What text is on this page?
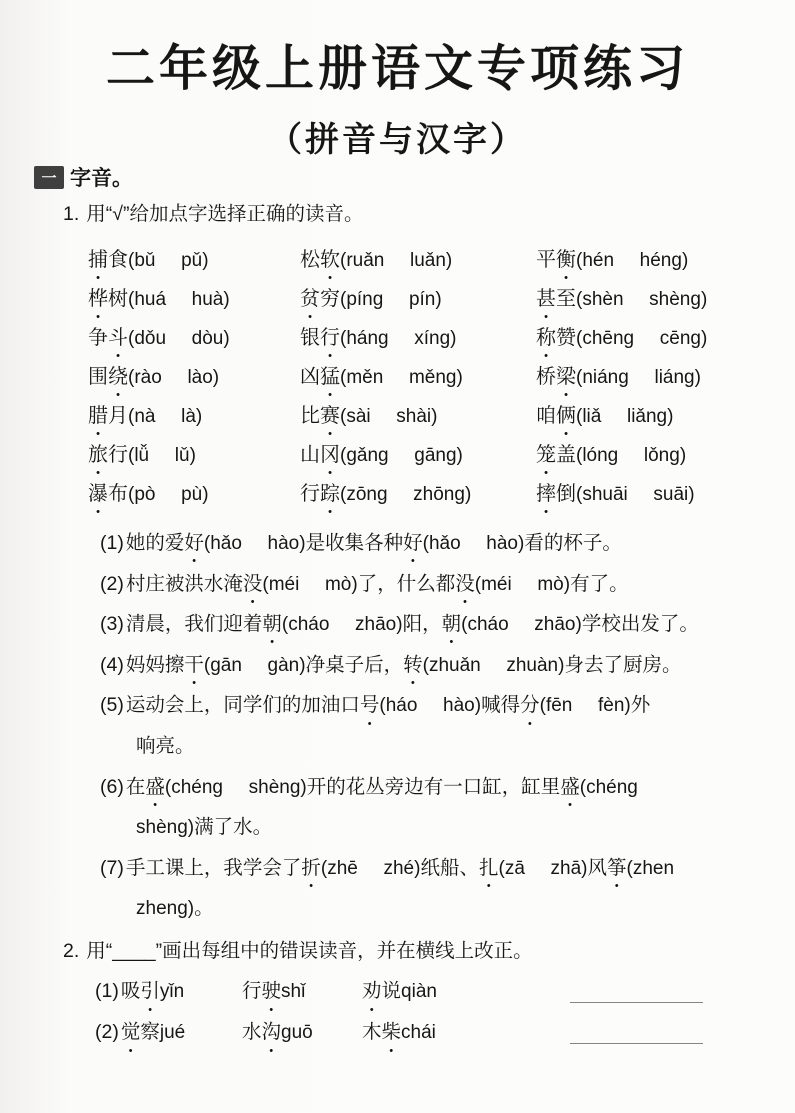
二年级上册语文专项练习
（拼音与汉字）
一 字音。
1. 用“√”给加点字选择正确的读音。
捕食(bǔ pǔ)	松软(ruǎn luǎn)	平衡(hén héng)
桦树(huá huà)	贫穷(píng pín)	甚至(shèn shèng)
争斗(dǒu dòu)	银行(háng xíng)	称赞(chēng cēng)
围绕(rào lào)	凶猛(měn měng)	桥梁(niáng liáng)
腊月(nà là)	比赛(sài shài)	咱俩(liǎ liǎng)
旅行(lǚ lǔ)	山冈(gǎng gāng)	笼盖(lóng lǒng)
瀑布(pò pù)	行踪(zōng zhōng)	摔倒(shuāi suāi)
(1) 她的爱好(hǎo hào)是收集各种好(hǎo hào)看的杯子。
(2) 村庄被洪水淹没(méi mò)了，什么都没(méi mò)有了。
(3) 清晨，我们迎着朝(cháo zhāo)阳，朝(cháo zhāo)学校出发了。
(4) 妈妈擦干(gān gàn)净桌子后，转(zhuǎn zhuàn)身去了厨房。
(5) 运动会上，同学们的加油口号(háo hào)喊得分(fēn fèn)外
响亮。
(6) 在盛(chéng shèng)开的花丛旁边有一口缸，缸里盛(chéng
shèng)满了水。
(7) 手工课上，我学会了折(zhē zhé)纸船、扎(zā zhā)风筝(zhen
zheng)。
2. 用“____”画出每组中的错误读音，并在横线上改正。
(1) 吸引yǐn	行驶shǐ	劝说qiàn
(2) 觉察jué	水沟guō	木柴chái
